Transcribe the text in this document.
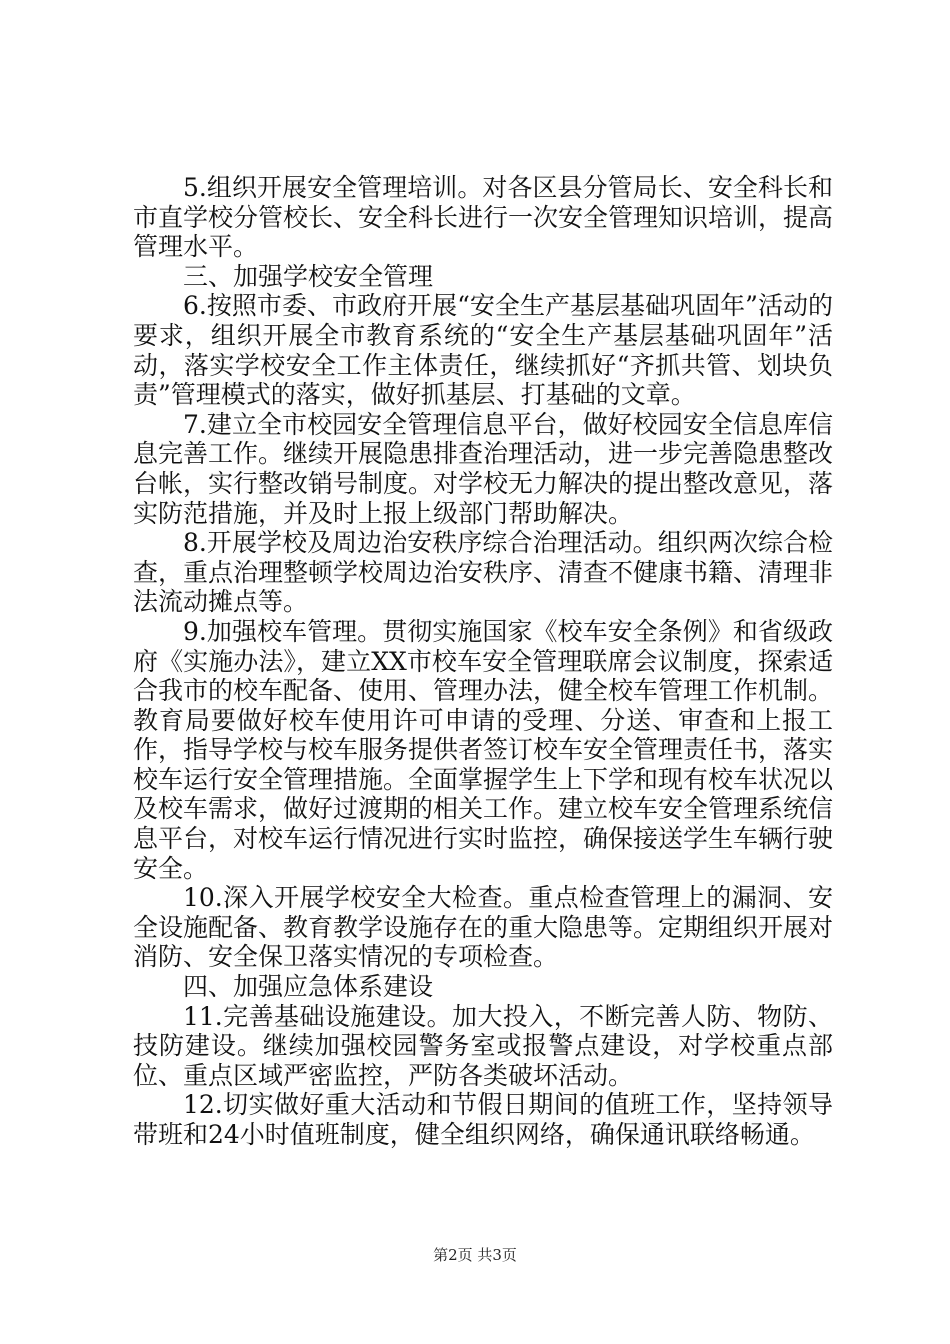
5.组织开展安全管理培训。对各区县分管局长、安全科长和市直学校分管校长、安全科长进行一次安全管理知识培训，提高管理水平。

三、加强学校安全管理

6.按照市委、市政府开展“安全生产基层基础巩固年”活动的要求，组织开展全市教育系统的“安全生产基层基础巩固年”活动，落实学校安全工作主体责任，继续抓好“齐抓共管、划块负责”管理模式的落实，做好抓基层、打基础的文章。

7.建立全市校园安全管理信息平台，做好校园安全信息库信息完善工作。继续开展隐患排查治理活动，进一步完善隐患整改台帐，实行整改销号制度。对学校无力解决的提出整改意见，落实防范措施，并及时上报上级部门帮助解决。

8.开展学校及周边治安秩序综合治理活动。组织两次综合检查，重点治理整顿学校周边治安秩序、清查不健康书籍、清理非法流动摊点等。

9.加强校车管理。贯彻实施国家《校车安全条例》和省级政府《实施办法》，建立XX市校车安全管理联席会议制度，探索适合我市的校车配备、使用、管理办法，健全校车管理工作机制。教育局要做好校车使用许可申请的受理、分送、审查和上报工作，指导学校与校车服务提供者签订校车安全管理责任书，落实校车运行安全管理措施。全面掌握学生上下学和现有校车状况以及校车需求，做好过渡期的相关工作。建立校车安全管理系统信息平台，对校车运行情况进行实时监控，确保接送学生车辆行驶安全。

10.深入开展学校安全大检查。重点检查管理上的漏洞、安全设施配备、教育教学设施存在的重大隐患等。定期组织开展对消防、安全保卫落实情况的专项检查。

四、加强应急体系建设

11.完善基础设施建设。加大投入，不断完善人防、物防、技防建设。继续加强校园警务室或报警点建设，对学校重点部位、重点区域严密监控，严防各类破坏活动。

12.切实做好重大活动和节假日期间的值班工作，坚持领导带班和24小时值班制度，健全组织网络，确保通讯联络畅通。

第2页 共3页
